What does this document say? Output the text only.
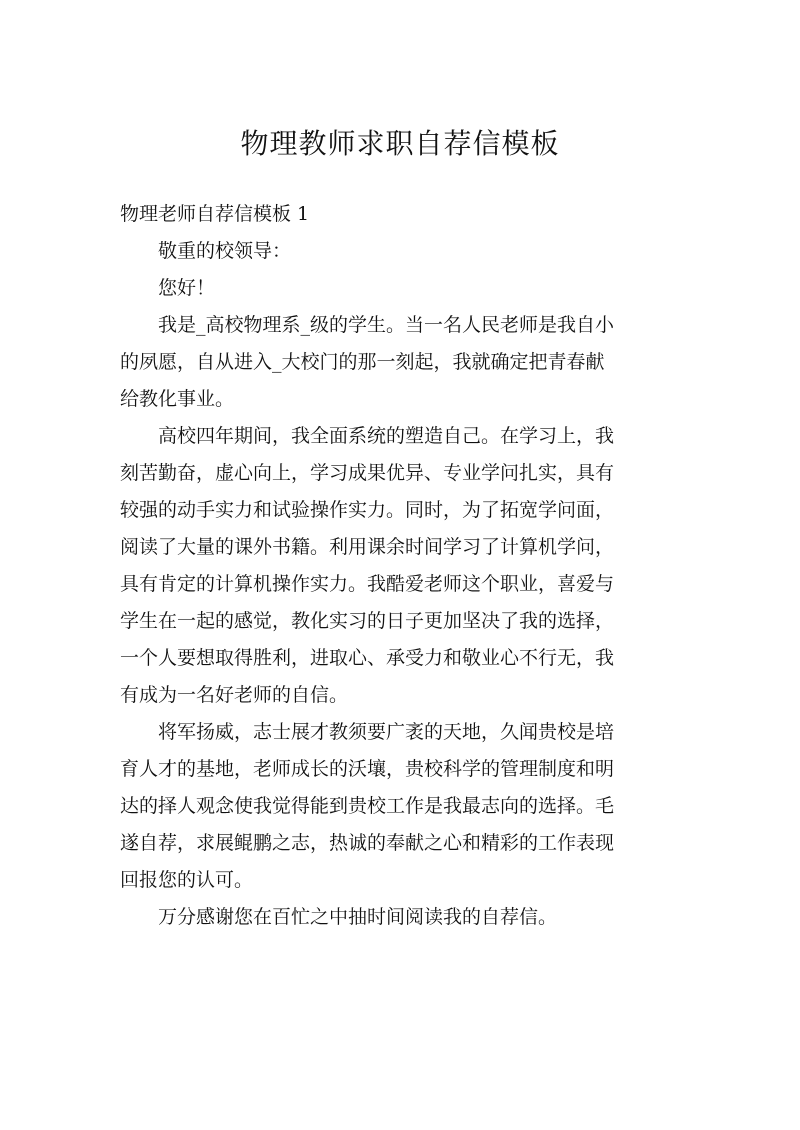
物理教师求职自荐信模板
物理老师自荐信模板 1
　　敬重的校领导：
　　您好！
　　我是_高校物理系_级的学生。当一名人民老师是我自小
的夙愿，自从进入_大校门的那一刻起，我就确定把青春献
给教化事业。
　　高校四年期间，我全面系统的塑造自己。在学习上，我
刻苦勤奋，虚心向上，学习成果优异、专业学问扎实，具有
较强的动手实力和试验操作实力。同时，为了拓宽学问面，
阅读了大量的课外书籍。利用课余时间学习了计算机学问，
具有肯定的计算机操作实力。我酷爱老师这个职业，喜爱与
学生在一起的感觉，教化实习的日子更加坚决了我的选择，
一个人要想取得胜利，进取心、承受力和敬业心不行无，我
有成为一名好老师的自信。
　　将军扬威，志士展才教须要广袤的天地，久闻贵校是培
育人才的基地，老师成长的沃壤，贵校科学的管理制度和明
达的择人观念使我觉得能到贵校工作是我最志向的选择。毛
遂自荐，求展鲲鹏之志，热诚的奉献之心和精彩的工作表现
回报您的认可。
　　万分感谢您在百忙之中抽时间阅读我的自荐信。
